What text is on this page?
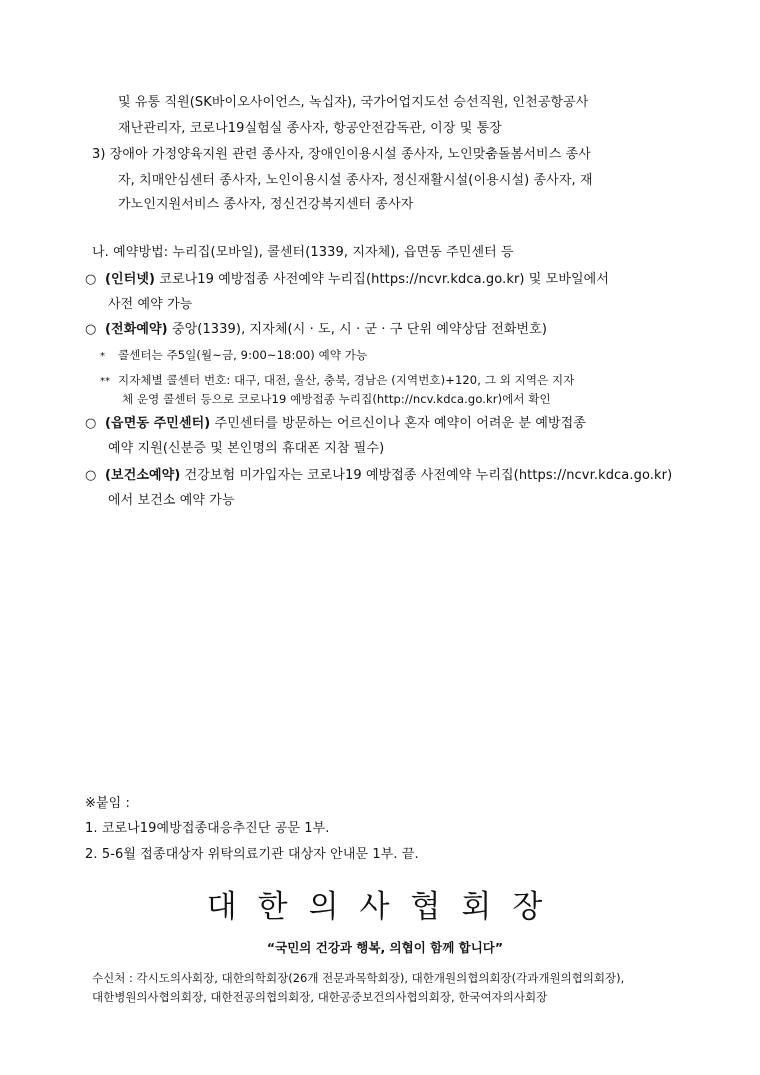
및 유통 직원(SK바이오사이언스, 녹십자), 국가어업지도선 승선직원, 인천공항공사
재난관리자, 코로나19실험실 종사자, 항공안전감독관, 이장 및 통장
3) 장애아 가정양육지원 관련 종사자, 장애인이용시설 종사자, 노인맞춤돌봄서비스 종사
자, 치매안심센터 종사자, 노인이용시설 종사자, 정신재활시설(이용시설) 종사자, 재
가노인지원서비스 종사자, 정신건강복지센터 종사자
나. 예약방법: 누리집(모바일), 콜센터(1339, 지자체), 읍면동 주민센터 등
○ (인터넷) 코로나19 예방접종 사전예약 누리집(https://ncvr.kdca.go.kr) 및 모바일에서
사전 예약 가능
○ (전화예약) 중앙(1339), 지자체(시 · 도, 시 · 군 · 구 단위 예약상담 전화번호)
* 콜센터는 주5일(월~금, 9:00~18:00) 예약 가능
** 지자체별 콜센터 번호: 대구, 대전, 울산, 충북, 경남은 (지역번호)+120, 그 외 지역은 지자
체 운영 콜센터 등으로 코로나19 예방접종 누리집(http://ncv.kdca.go.kr)에서 확인
○ (읍면동 주민센터) 주민센터를 방문하는 어르신이나 혼자 예약이 어려운 분 예방접종
예약 지원(신분증 및 본인명의 휴대폰 지참 필수)
○ (보건소예약) 건강보험 미가입자는 코로나19 예방접종 사전예약 누리집(https://ncvr.kdca.go.kr)
에서 보건소 예약 가능
※붙임 :
1. 코로나19예방접종대응추진단 공문 1부.
2. 5-6월 접종대상자 위탁의료기관 대상자 안내문 1부. 끝.
대한의사협회장
“국민의 건강과 행복, 의협이 함께 합니다”
수신처 : 각시도의사회장, 대한의학회장(26개 전문과목학회장), 대한개원의협의회장(각과개원의협의회장), 대한병원의사협의회장, 대한전공의협의회장, 대한공중보건의사협의회장, 한국여자의사회장
